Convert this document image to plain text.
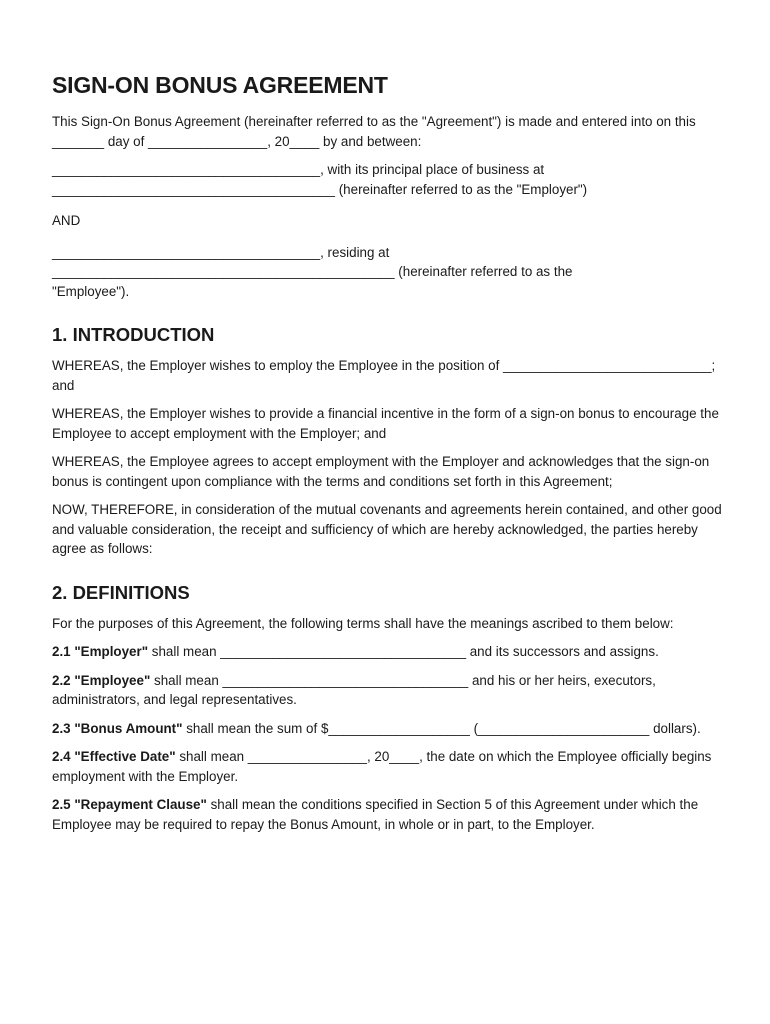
SIGN-ON BONUS AGREEMENT

This Sign-On Bonus Agreement (hereinafter referred to as the "Agreement") is made and entered into on this _______ day of ________________, 20____ by and between:

____________________________________, with its principal place of business at
______________________________________ (hereinafter referred to as the "Employer")

AND

____________________________________, residing at
______________________________________________ (hereinafter referred to as the
"Employee").

1. INTRODUCTION

WHEREAS, the Employer wishes to employ the Employee in the position of ____________________________; and

WHEREAS, the Employer wishes to provide a financial incentive in the form of a sign-on bonus to encourage the Employee to accept employment with the Employer; and

WHEREAS, the Employee agrees to accept employment with the Employer and acknowledges that the sign-on bonus is contingent upon compliance with the terms and conditions set forth in this Agreement;

NOW, THEREFORE, in consideration of the mutual covenants and agreements herein contained, and other good and valuable consideration, the receipt and sufficiency of which are hereby acknowledged, the parties hereby agree as follows:

2. DEFINITIONS

For the purposes of this Agreement, the following terms shall have the meanings ascribed to them below:

2.1 "Employer" shall mean _________________________________ and its successors and assigns.

2.2 "Employee" shall mean _________________________________ and his or her heirs, executors, administrators, and legal representatives.

2.3 "Bonus Amount" shall mean the sum of $___________________ (_______________________ dollars).

2.4 "Effective Date" shall mean ________________, 20____, the date on which the Employee officially begins employment with the Employer.

2.5 "Repayment Clause" shall mean the conditions specified in Section 5 of this Agreement under which the Employee may be required to repay the Bonus Amount, in whole or in part, to the Employer.
